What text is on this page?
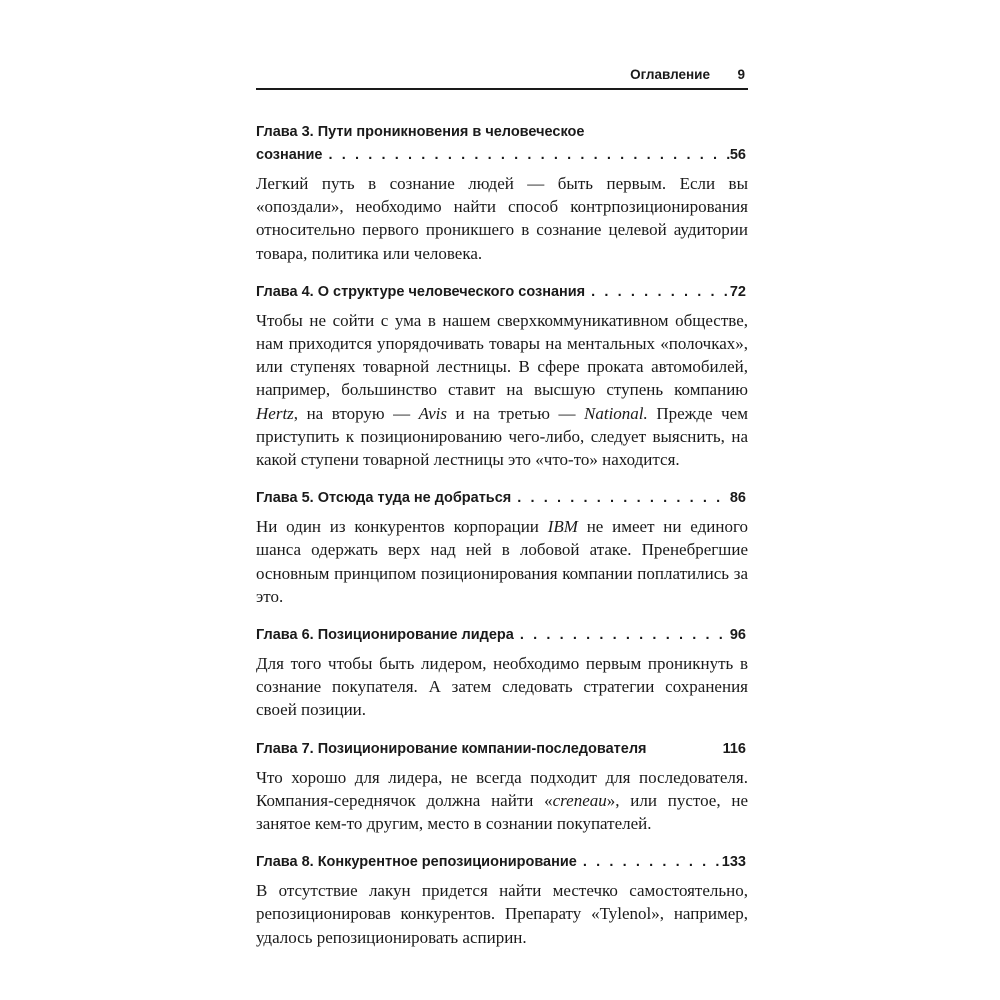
Оглавление 9
Глава 3. Пути проникновения в человеческое
сознание . . .	56
Легкий путь в сознание людей — быть первым. Если вы «опоздали», необходимо найти способ контрпозиционирования относительно первого проникшего в сознание целевой аудитории товара, политика или человека.
Глава 4. О структуре человеческого сознания . . .	72
Чтобы не сойти с ума в нашем сверхкоммуникативном обществе, нам приходится упорядочивать товары на ментальных «полочках», или ступенях товарной лестницы. В сфере проката автомобилей, например, большинство ставит на высшую ступень компанию Hertz, на вторую — Avis и на третью — National. Прежде чем приступить к позиционированию чего-либо, следует выяснить, на какой ступени товарной лестницы это «что-то» находится.
Глава 5. Отсюда туда не добраться . . .	86
Ни один из конкурентов корпорации IBM не имеет ни единого шанса одержать верх над ней в лобовой атаке. Пренебрегшие основным принципом позиционирования компании поплатились за это.
Глава 6. Позиционирование лидера . . .	96
Для того чтобы быть лидером, необходимо первым проникнуть в сознание покупателя. А затем следовать стратегии сохранения своей позиции.
Глава 7. Позиционирование компании-последователя	116
Что хорошо для лидера, не всегда подходит для последователя. Компания-середнячок должна найти «creneau», или пустое, не занятое кем-то другим, место в сознании покупателей.
Глава 8. Конкурентное репозиционирование . . .	133
В отсутствие лакун придется найти местечко самостоятельно, репозиционировав конкурентов. Препарату «Tylenol», например, удалось репозиционировать аспирин.
